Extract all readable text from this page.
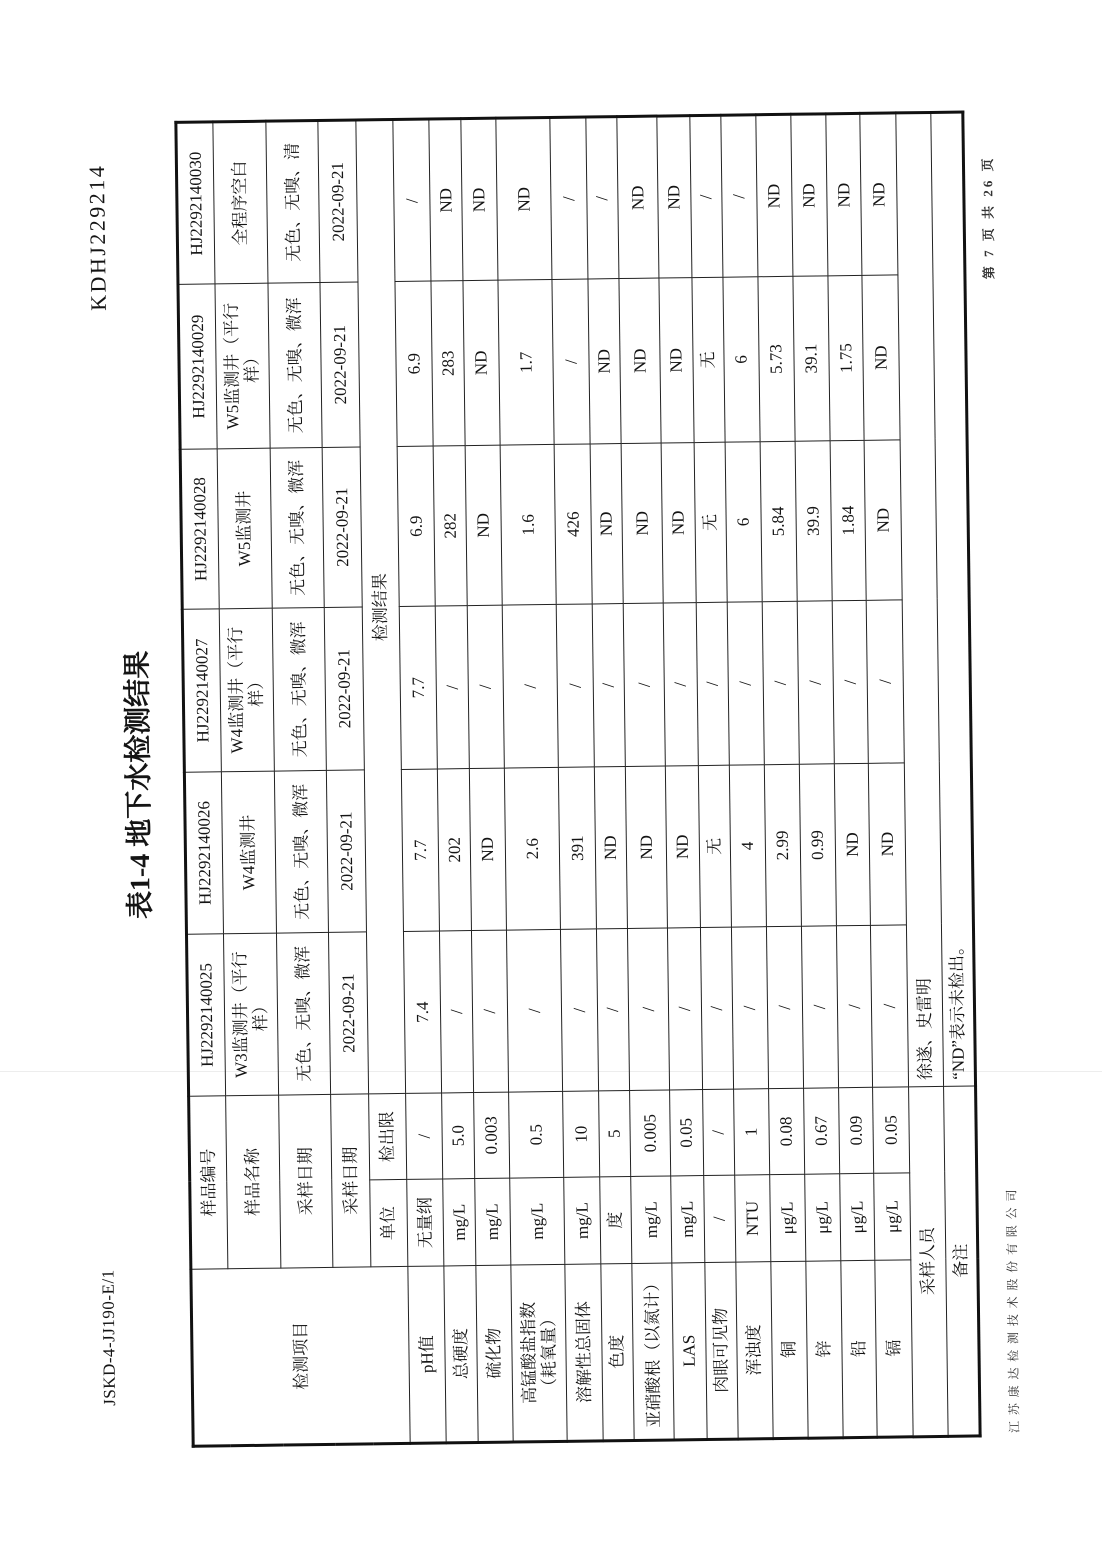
KDHJ229214
JSKD-4-JJ190-E/1
表1-4 地下水检测结果
检测项目	样品编号		HJ2292140025	HJ2292140026	HJ2292140027	HJ2292140028	HJ2292140029	HJ2292140030
	样品名称		W3监测井（平行
样）	W4监测井	W4监测井（平行
样）	W5监测井	W5监测井（平行
样）	全程序空白
	采样日期		无色、无嗅、微浑	无色、无嗅、微浑	无色、无嗅、微浑	无色、无嗅、微浑	无色、无嗅、微浑	无色、无嗅、清
	采样日期		2022-09-21	2022-09-21	2022-09-21	2022-09-21	2022-09-21	2022-09-21
	单位	检出限	检测结果					
pH值	无量纲	/	7.4	7.7	7.7	6.9	6.9	/
总硬度	mg/L	5.0	/	202	/	282	283	ND
硫化物	mg/L	0.003	/	ND	/	ND	ND	ND
高锰酸盐指数
（耗氧量）	mg/L	0.5	/	2.6	/	1.6	1.7	ND
溶解性总固体	mg/L	10	/	391	/	426	/	/
色度	度	5	/	ND	/	ND	ND	/
亚硝酸根（以氮计）	mg/L	0.005	/	ND	/	ND	ND	ND
LAS	mg/L	0.05	/	ND	/	ND	ND	ND
肉眼可见物	/	/	/	无	/	无	无	/
浑浊度	NTU	1	/	4	/	6	6	/
铜	μg/L	0.08	/	2.99	/	5.84	5.73	ND
锌	μg/L	0.67	/	0.99	/	39.9	39.1	ND
铅	μg/L	0.09	/	ND	/	1.84	1.75	ND
镉	μg/L	0.05	/	ND	/	ND	ND	ND
采样人员			徐遂、史雷明					
备注			“ND”表示未检出。					
江苏康达检测技术股份有限公司
第 7 页 共 26 页
